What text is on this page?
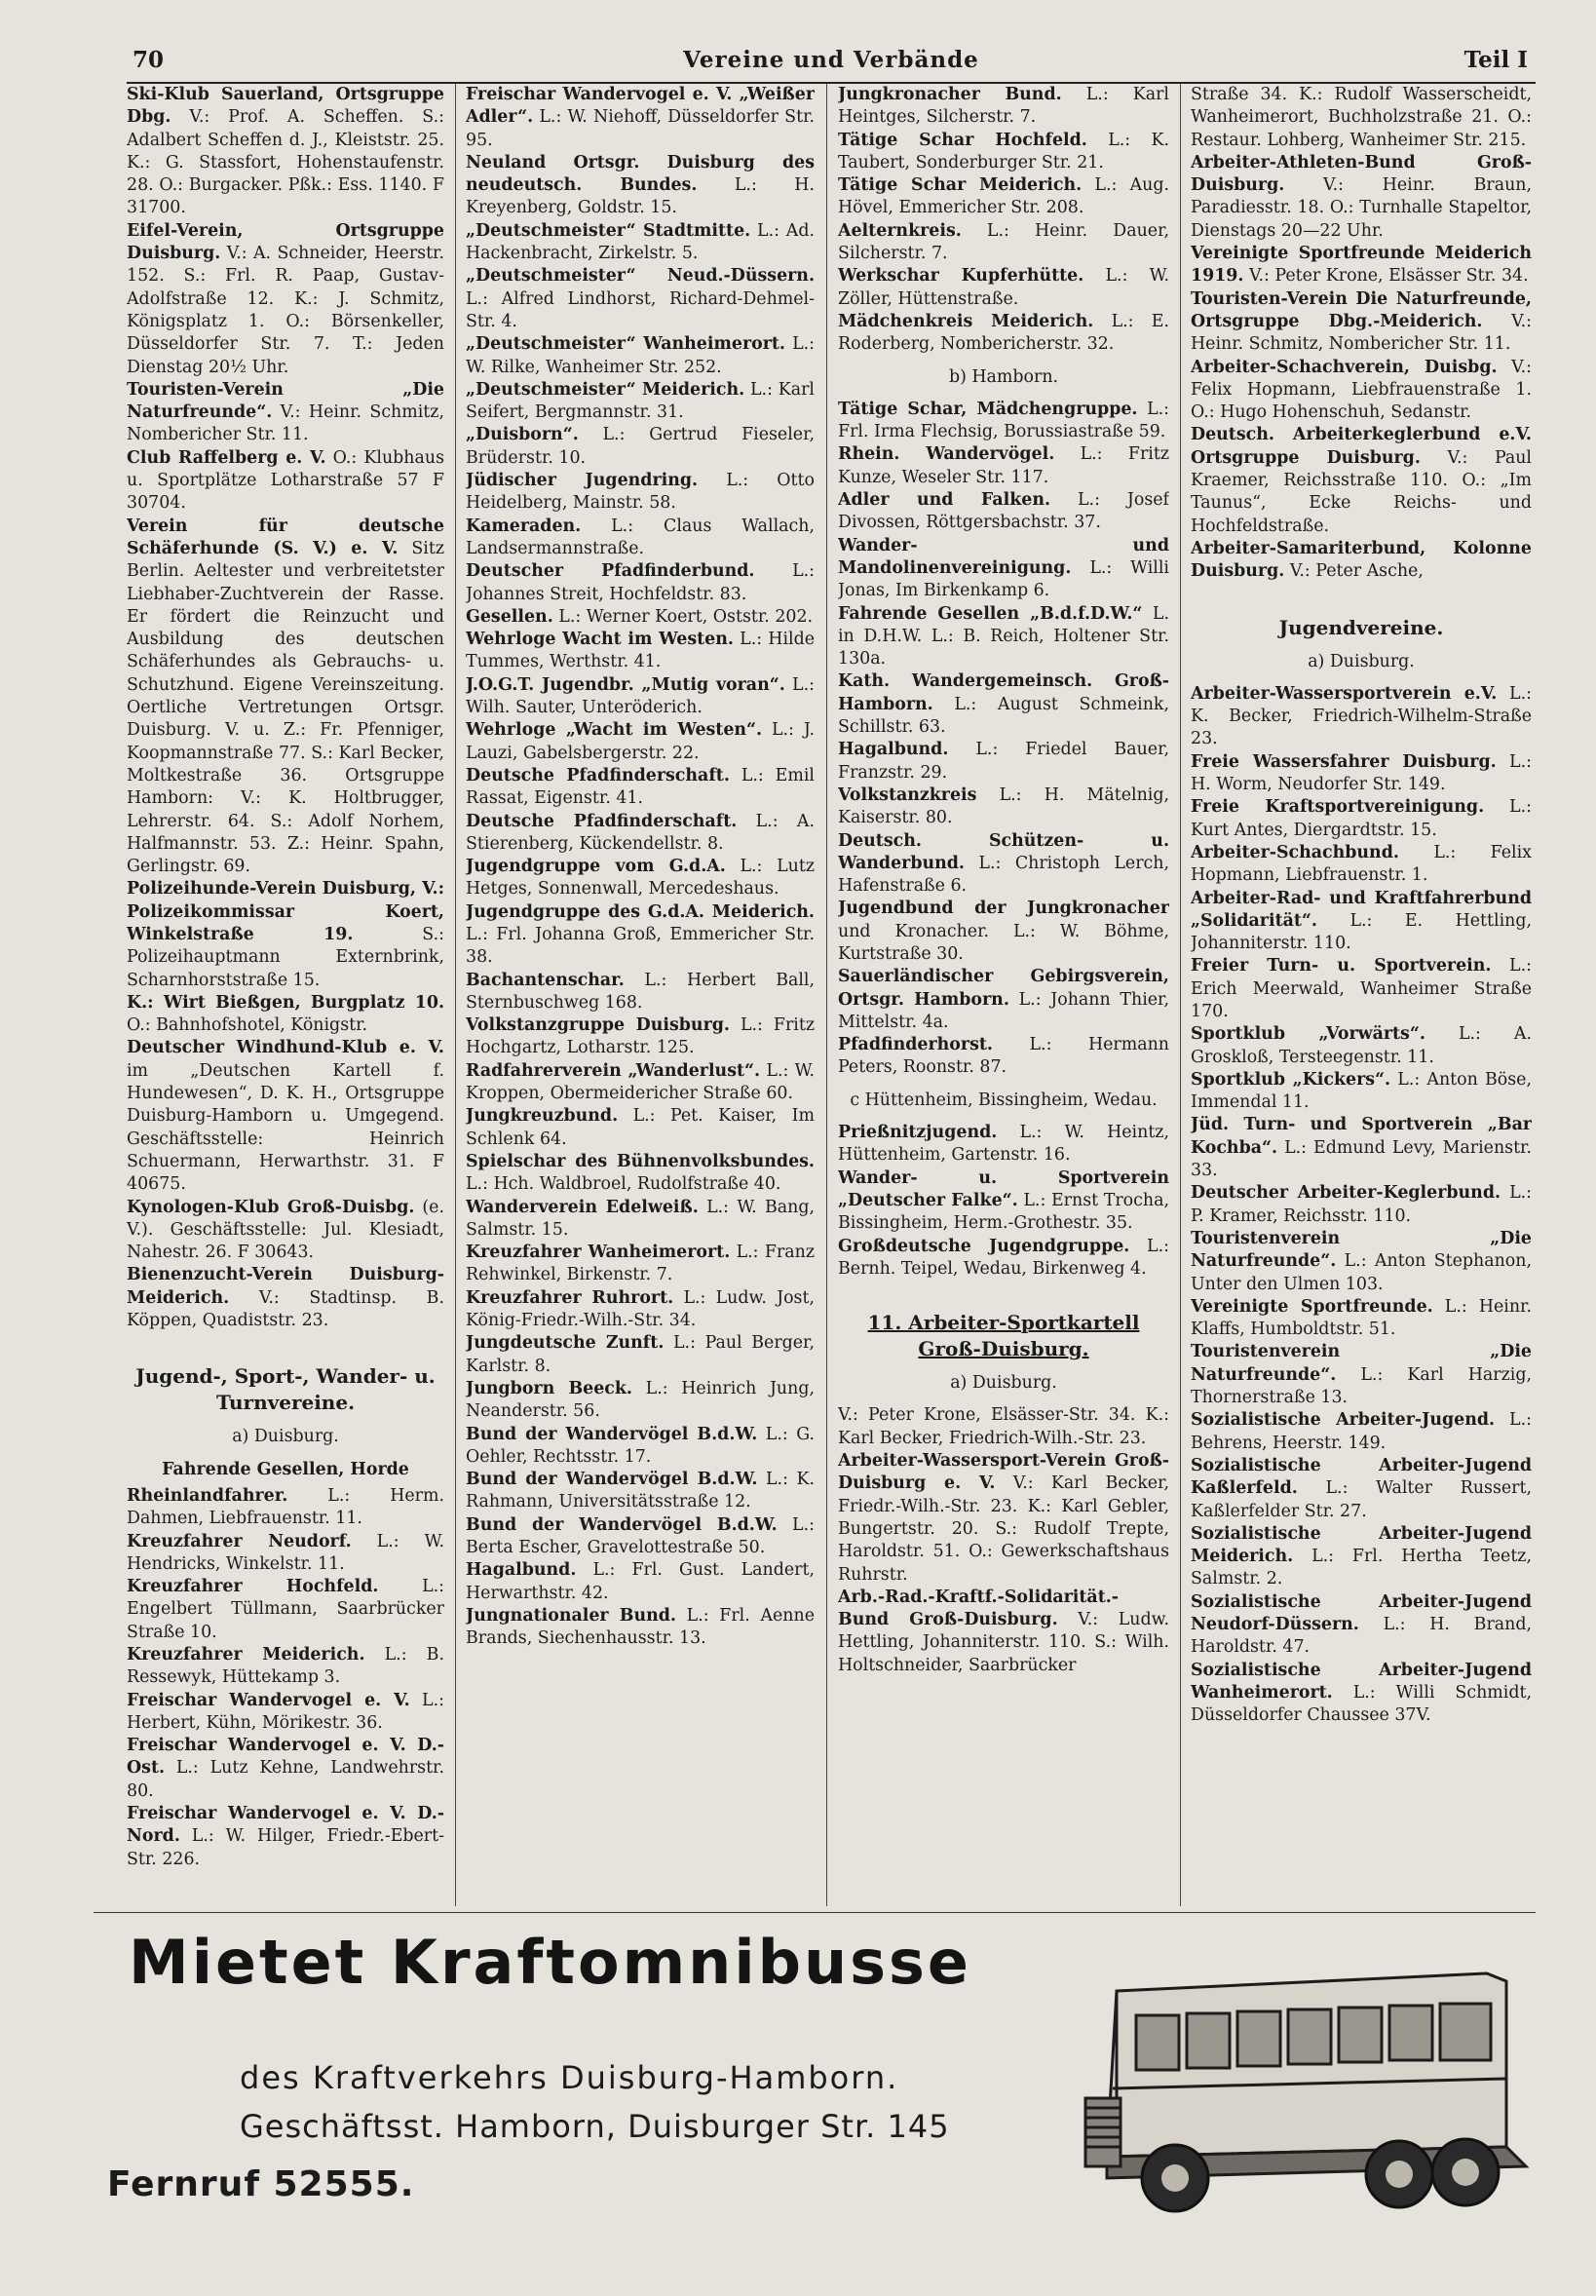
70	Vereine und Verbände	Teil I

Ski-Klub Sauerland, Ortsgruppe Dbg. V.: Prof. A. Scheffen. S.: Adalbert Scheffen d. J., Kleiststr. 25. K.: G. Stassfort, Hohenstaufenstr. 28. O.: Burgacker. Pßk.: Ess. 1140. F 31700.

Eifel-Verein, Ortsgruppe Duisburg. V.: A. Schneider, Heerstr. 152. S.: Frl. R. Paap, Gustav-Adolfstraße 12. K.: J. Schmitz, Königsplatz 1. O.: Börsenkeller, Düsseldorfer Str. 7. T.: Jeden Dienstag 20½ Uhr.

Touristen-Verein „Die Naturfreunde“. V.: Heinr. Schmitz, Nombericher Str. 11.

Club Raffelberg e. V. O.: Klubhaus u. Sportplätze Lotharstraße 57 F 30704.

Verein für deutsche Schäferhunde (S. V.) e. V. Sitz Berlin. Aeltester und verbreitetster Liebhaber-Zuchtverein der Rasse. Er fördert die Reinzucht und Ausbildung des deutschen Schäferhundes als Gebrauchs- u. Schutzhund. Eigene Vereinszeitung. Oertliche Vertretungen Ortsgr. Duisburg. V. u. Z.: Fr. Pfenniger, Koopmannstraße 77. S.: Karl Becker, Moltkestraße 36. Ortsgruppe Hamborn: V.: K. Holtbrugger, Lehrerstr. 64. S.: Adolf Norhem, Halfmannstr. 53. Z.: Heinr. Spahn, Gerlingstr. 69.

Polizeihunde-Verein Duisburg, V.: Polizeikommissar Koert, Winkelstraße 19. S.: Polizeihauptmann Externbrink, Scharnhorststraße 15.

K.: Wirt Bießgen, Burgplatz 10. O.: Bahnhofshotel, Königstr.

Deutscher Windhund-Klub e. V. im „Deutschen Kartell f. Hundewesen“, D. K. H., Ortsgruppe Duisburg-Hamborn u. Umgegend. Geschäftsstelle: Heinrich Schuermann, Herwarthstr. 31. F 40675.

Kynologen-Klub Groß-Duisbg. (e. V.). Geschäftsstelle: Jul. Klesiadt, Nahestr. 26. F 30643.

Bienenzucht-Verein Duisburg-Meiderich. V.: Stadtinsp. B. Köppen, Quadiststr. 23.

Jugend-, Sport-, Wander- u. Turnvereine.
a) Duisburg.
Fahrende Gesellen, Horde

Rheinlandfahrer. L.: Herm. Dahmen, Liebfrauenstr. 11.

Kreuzfahrer Neudorf. L.: W. Hendricks, Winkelstr. 11.

Kreuzfahrer Hochfeld. L.: Engelbert Tüllmann, Saarbrücker Straße 10.

Kreuzfahrer Meiderich. L.: B. Ressewyk, Hüttekamp 3.

Freischar Wandervogel e. V. L.: Herbert, Kühn, Mörikestr. 36.

Freischar Wandervogel e. V. D.-Ost. L.: Lutz Kehne, Landwehrstr. 80.

Freischar Wandervogel e. V. D.-Nord. L.: W. Hilger, Friedr.-Ebert-Str. 226.

Freischar Wandervogel e. V. „Weißer Adler“. L.: W. Niehoff, Düsseldorfer Str. 95.

Neuland Ortsgr. Duisburg des neudeutsch. Bundes. L.: H. Kreyenberg, Goldstr. 15.

„Deutschmeister“ Stadtmitte. L.: Ad. Hackenbracht, Zirkelstr. 5.

„Deutschmeister“ Neud.-Düssern. L.: Alfred Lindhorst, Richard-Dehmel-Str. 4.

„Deutschmeister“ Wanheimerort. L.: W. Rilke, Wanheimer Str. 252.

„Deutschmeister“ Meiderich. L.: Karl Seifert, Bergmannstr. 31.

„Duisborn“. L.: Gertrud Fieseler, Brüderstr. 10.

Jüdischer Jugendring. L.: Otto Heidelberg, Mainstr. 58.

Kameraden. L.: Claus Wallach, Landsermannstraße.

Deutscher Pfadfinderbund. L.: Johannes Streit, Hochfeldstr. 83.

Gesellen. L.: Werner Koert, Oststr. 202.

Wehrloge Wacht im Westen. L.: Hilde Tummes, Werthstr. 41.

J.O.G.T. Jugendbr. „Mutig voran“. L.: Wilh. Sauter, Unteröderich.

Wehrloge „Wacht im Westen“. L.: J. Lauzi, Gabelsbergerstr. 22.

Deutsche Pfadfinderschaft. L.: Emil Rassat, Eigenstr. 41.

Deutsche Pfadfinderschaft. L.: A. Stierenberg, Kückendellstr. 8.

Jugendgruppe vom G.d.A. L.: Lutz Hetges, Sonnenwall, Mercedeshaus.

Jugendgruppe des G.d.A. Meiderich. L.: Frl. Johanna Groß, Emmericher Str. 38.

Bachantenschar. L.: Herbert Ball, Sternbuschweg 168.

Volkstanzgruppe Duisburg. L.: Fritz Hochgartz, Lotharstr. 125.

Radfahrerverein „Wanderlust“. L.: W. Kroppen, Obermeidericher Straße 60.

Jungkreuzbund. L.: Pet. Kaiser, Im Schlenk 64.

Spielschar des Bühnenvolksbundes. L.: Hch. Waldbroel, Rudolfstraße 40.

Wanderverein Edelweiß. L.: W. Bang, Salmstr. 15.

Kreuzfahrer Wanheimerort. L.: Franz Rehwinkel, Birkenstr. 7.

Kreuzfahrer Ruhrort. L.: Ludw. Jost, König-Friedr.-Wilh.-Str. 34.

Jungdeutsche Zunft. L.: Paul Berger, Karlstr. 8.

Jungborn Beeck. L.: Heinrich Jung, Neanderstr. 56.

Bund der Wandervögel B.d.W. L.: G. Oehler, Rechtsstr. 17.

Bund der Wandervögel B.d.W. L.: K. Rahmann, Universitätsstraße 12.

Bund der Wandervögel B.d.W. L.: Berta Escher, Gravelottestraße 50.

Hagalbund. L.: Frl. Gust. Landert, Herwarthstr. 42.

Jungnationaler Bund. L.: Frl. Aenne Brands, Siechenhausstr. 13.

Jungkronacher Bund. L.: Karl Heintges, Silcherstr. 7.

Tätige Schar Hochfeld. L.: K. Taubert, Sonderburger Str. 21.

Tätige Schar Meiderich. L.: Aug. Hövel, Emmericher Str. 208.

Aelternkreis. L.: Heinr. Dauer, Silcherstr. 7.

Werkschar Kupferhütte. L.: W. Zöller, Hüttenstraße.

Mädchenkreis Meiderich. L.: E. Roderberg, Nombericherstr. 32.

b) Hamborn.

Tätige Schar, Mädchengruppe. L.: Frl. Irma Flechsig, Borussiastraße 59.

Rhein. Wandervögel. L.: Fritz Kunze, Weseler Str. 117.

Adler und Falken. L.: Josef Divossen, Röttgersbachstr. 37.

Wander- und Mandolinenvereinigung. L.: Willi Jonas, Im Birkenkamp 6.

Fahrende Gesellen „B.d.f.D.W.“ L. in D.H.W. L.: B. Reich, Holtener Str. 130a.

Kath. Wandergemeinsch. Groß-Hamborn. L.: August Schmeink, Schillstr. 63.

Hagalbund. L.: Friedel Bauer, Franzstr. 29.

Volkstanzkreis L.: H. Mätelnig, Kaiserstr. 80.

Deutsch. Schützen- u. Wanderbund. L.: Christoph Lerch, Hafenstraße 6.

Jugendbund der Jungkronacher und Kronacher. L.: W. Böhme, Kurtstraße 30.

Sauerländischer Gebirgsverein, Ortsgr. Hamborn. L.: Johann Thier, Mittelstr. 4a.

Pfadfinderhorst. L.: Hermann Peters, Roonstr. 87.

c Hüttenheim, Bissingheim, Wedau.

Prießnitzjugend. L.: W. Heintz, Hüttenheim, Gartenstr. 16.

Wander- u. Sportverein „Deutscher Falke“. L.: Ernst Trocha, Bissingheim, Herm.-Grothestr. 35.

Großdeutsche Jugendgruppe. L.: Bernh. Teipel, Wedau, Birkenweg 4.

11. Arbeiter-Sportkartell Groß-Duisburg.
a) Duisburg.

V.: Peter Krone, Elsässer-Str. 34. K.: Karl Becker, Friedrich-Wilh.-Str. 23.

Arbeiter-Wassersport-Verein Groß-Duisburg e. V. V.: Karl Becker, Friedr.-Wilh.-Str. 23. K.: Karl Gebler, Bungertstr. 20. S.: Rudolf Trepte, Haroldstr. 51. O.: Gewerkschaftshaus Ruhrstr.

Arb.-Rad.-Kraftf.-Solidarität.-Bund Groß-Duisburg. V.: Ludw. Hettling, Johanniterstr. 110. S.: Wilh. Holtschneider, Saarbrücker

Straße 34. K.: Rudolf Wasserscheidt, Wanheimerort, Buchholzstraße 21. O.: Restaur. Lohberg, Wanheimer Str. 215.

Arbeiter-Athleten-Bund Groß-Duisburg. V.: Heinr. Braun, Paradiesstr. 18. O.: Turnhalle Stapeltor, Dienstags 20—22 Uhr.

Vereinigte Sportfreunde Meiderich 1919. V.: Peter Krone, Elsässer Str. 34.

Touristen-Verein Die Naturfreunde, Ortsgruppe Dbg.-Meiderich. V.: Heinr. Schmitz, Nombericher Str. 11.

Arbeiter-Schachverein, Duisbg. V.: Felix Hopmann, Liebfrauenstraße 1. O.: Hugo Hohenschuh, Sedanstr.

Deutsch. Arbeiterkeglerbund e.V. Ortsgruppe Duisburg. V.: Paul Kraemer, Reichsstraße 110. O.: „Im Taunus“, Ecke Reichs- und Hochfeldstraße.

Arbeiter-Samariterbund, Kolonne Duisburg. V.: Peter Asche,

Jugendvereine.
a) Duisburg.

Arbeiter-Wassersportverein e.V. L.: K. Becker, Friedrich-Wilhelm-Straße 23.

Freie Wassersfahrer Duisburg. L.: H. Worm, Neudorfer Str. 149.

Freie Kraftsportvereinigung. L.: Kurt Antes, Diergardtstr. 15.

Arbeiter-Schachbund. L.: Felix Hopmann, Liebfrauenstr. 1.

Arbeiter-Rad- und Kraftfahrerbund „Solidarität“. L.: E. Hettling, Johanniterstr. 110.

Freier Turn- u. Sportverein. L.: Erich Meerwald, Wanheimer Straße 170.

Sportklub „Vorwärts“. L.: A. Groskloß, Tersteegenstr. 11.

Sportklub „Kickers“. L.: Anton Böse, Immendal 11.

Jüd. Turn- und Sportverein „Bar Kochba“. L.: Edmund Levy, Marienstr. 33.

Deutscher Arbeiter-Keglerbund. L.: P. Kramer, Reichsstr. 110.

Touristenverein „Die Naturfreunde“. L.: Anton Stephanon, Unter den Ulmen 103.

Vereinigte Sportfreunde. L.: Heinr. Klaffs, Humboldtstr. 51.

Touristenverein „Die Naturfreunde“. L.: Karl Harzig, Thornerstraße 13.

Sozialistische Arbeiter-Jugend. L.: Behrens, Heerstr. 149.

Sozialistische Arbeiter-Jugend Kaßlerfeld. L.: Walter Russert, Kaßlerfelder Str. 27.

Sozialistische Arbeiter-Jugend Meiderich. L.: Frl. Hertha Teetz, Salmstr. 2.

Sozialistische Arbeiter-Jugend Neudorf-Düssern. L.: H. Brand, Haroldstr. 47.

Sozialistische Arbeiter-Jugend Wanheimerort. L.: Willi Schmidt, Düsseldorfer Chaussee 37V.

Mietet Kraftomnibusse
des Kraftverkehrs Duisburg-Hamborn.
Geschäftsst. Hamborn, Duisburger Str. 145
Fernruf 52555.
